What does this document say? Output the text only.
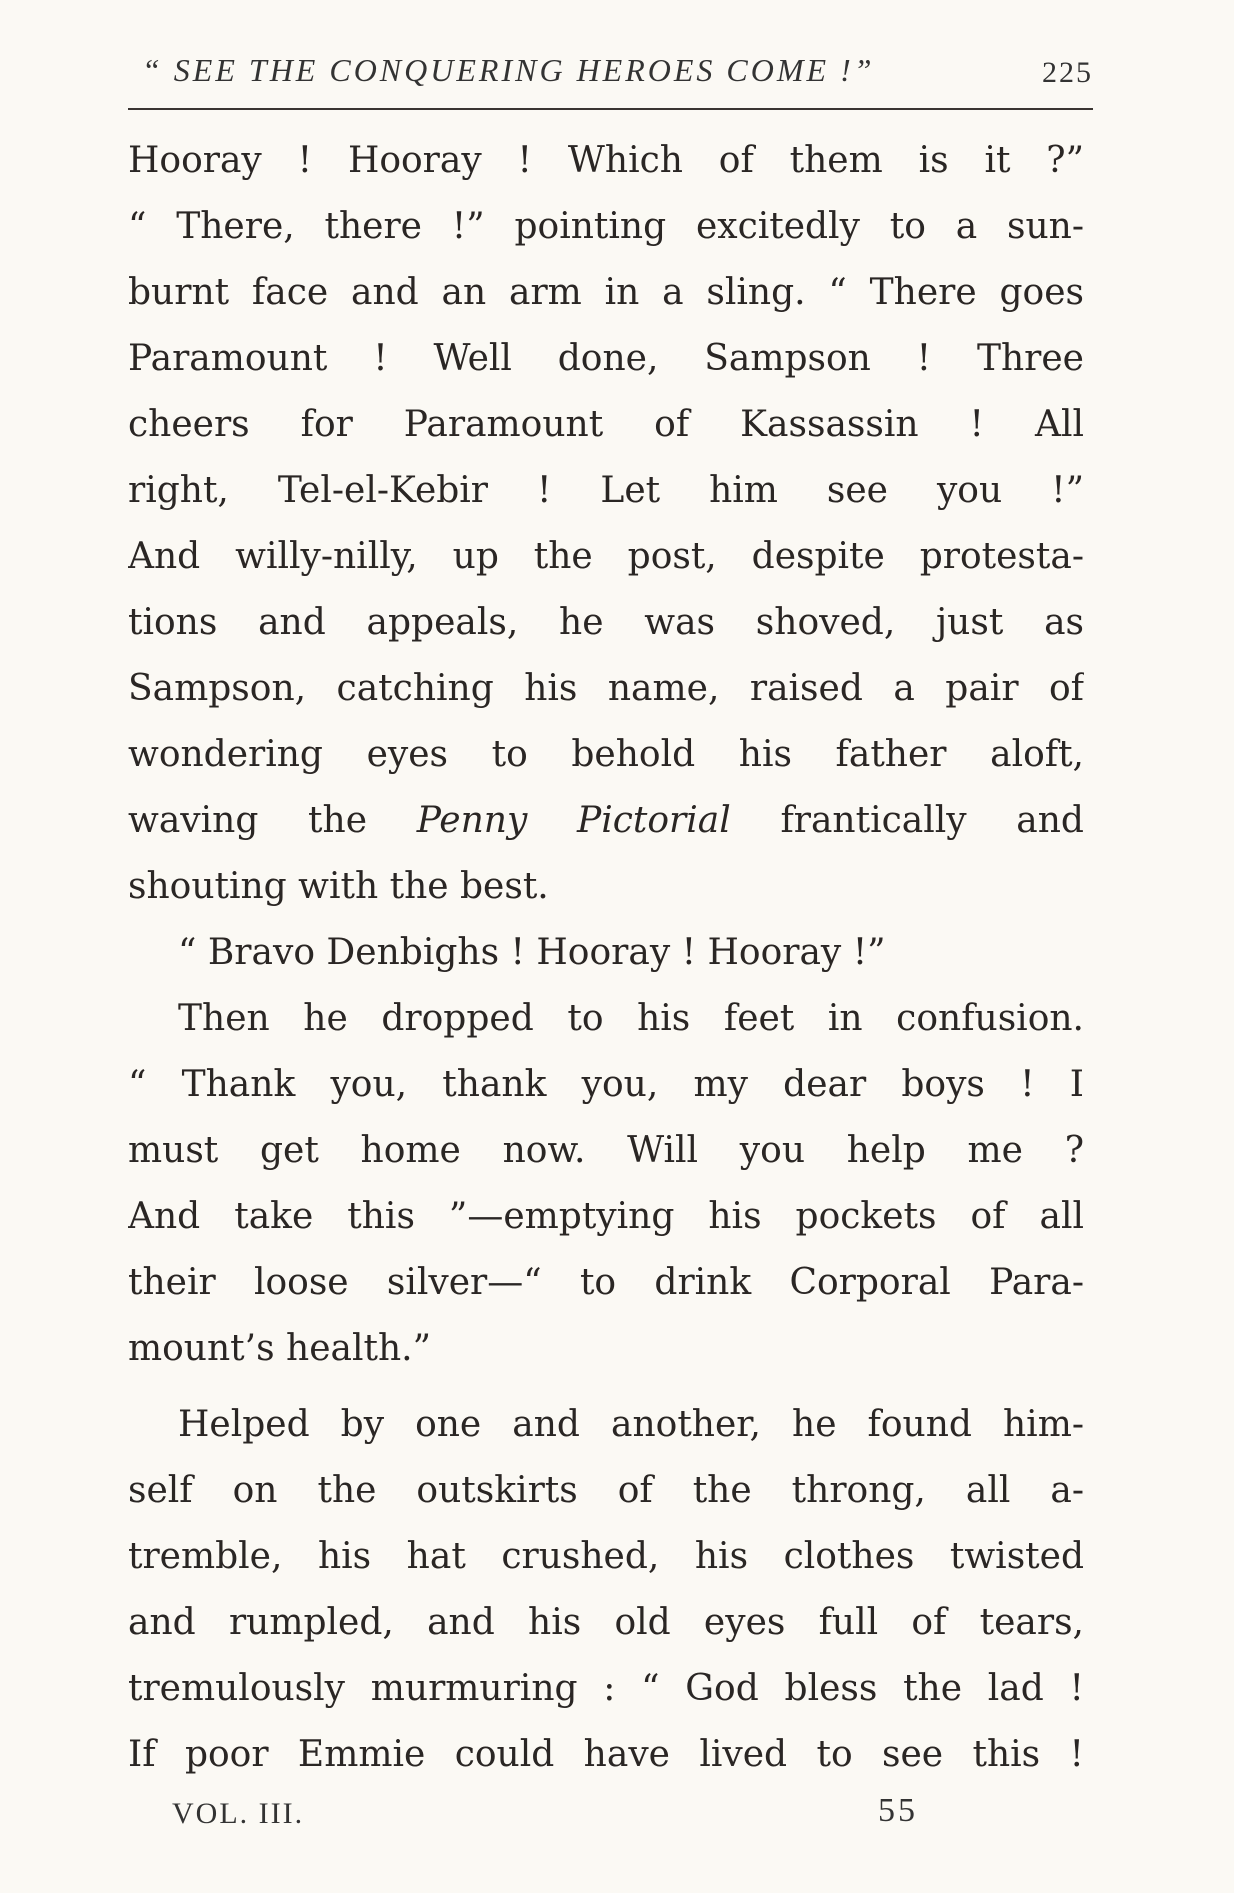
“ SEE THE CONQUERING HEROES COME !”	225
Hooray ! Hooray ! Which of them is it ?”
“ There, there !” pointing excitedly to a sun-
burnt face and an arm in a sling. “ There goes
Paramount ! Well done, Sampson ! Three
cheers for Paramount of Kassassin ! All
right, Tel-el-Kebir ! Let him see you !”
And willy-nilly, up the post, despite protesta-
tions and appeals, he was shoved, just as
Sampson, catching his name, raised a pair of
wondering eyes to behold his father aloft,
waving the Penny Pictorial frantically and
shouting with the best.
“ Bravo Denbighs ! Hooray ! Hooray !”
Then he dropped to his feet in confusion.
“ Thank you, thank you, my dear boys ! I
must get home now. Will you help me ?
And take this ”—emptying his pockets of all
their loose silver—“ to drink Corporal Para-
mount’s health.”
Helped by one and another, he found him-
self on the outskirts of the throng, all a-
tremble, his hat crushed, his clothes twisted
and rumpled, and his old eyes full of tears,
tremulously murmuring : “ God bless the lad !
If poor Emmie could have lived to see this !
VOL. III.	55
